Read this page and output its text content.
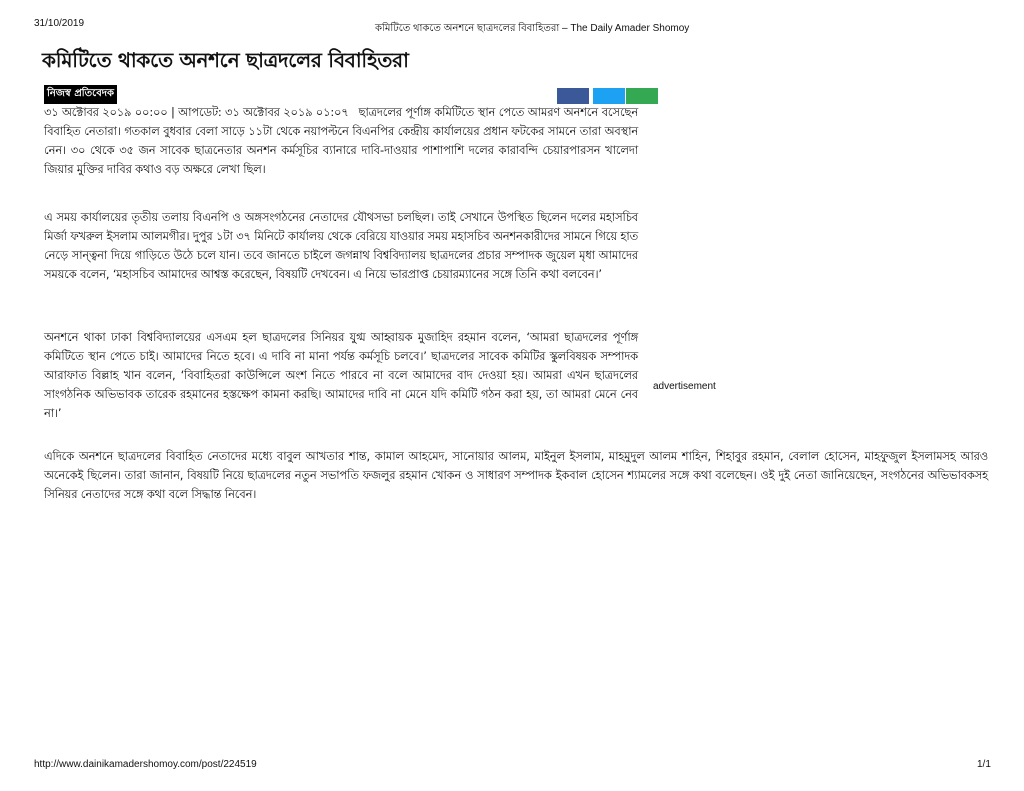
31/10/2019	কমিটিতে থাকতে অনশনে ছাত্রদলের বিবাহিতরা – The Daily Amader Shomoy
কমিটিতে থাকতে অনশনে ছাত্রদলের বিবাহিতরা
নিজস্ব প্রতিবেদক
৩১ অক্টোবর ২০১৯ ০০:০০ | আপডেট: ৩১ অক্টোবর ২০১৯ ০১:০৭ ছাত্রদলের পূর্ণাঙ্গ কমিটিতে স্থান পেতে আমরণ অনশনে বসেছেন বিবাহিত নেতারা। গতকাল বুধবার বেলা সাড়ে ১১টা থেকে নয়াপল্টনে বিএনপির কেন্দ্রীয় কার্যালয়ের প্রধান ফটকের সামনে তারা অবস্থান নেন। ৩০ থেকে ৩৫ জন সাবেক ছাত্রনেতার অনশন কর্মসূচির ব্যানারে দাবি-দাওয়ার পাশাপাশি দলের কারাবন্দি চেয়ারপারসন খালেদা জিয়ার মুক্তির দাবির কথাও বড় অক্ষরে লেখা ছিল।
এ সময় কার্যালয়ের তৃতীয় তলায় বিএনপি ও অঙ্গসংগঠনের নেতাদের যৌথসভা চলছিল। তাই সেখানে উপস্থিত ছিলেন দলের মহাসচিব মির্জা ফখরুল ইসলাম আলমগীর। দুপুর ১টা ৩৭ মিনিটে কার্যালয় থেকে বেরিয়ে যাওয়ার সময় মহাসচিব অনশনকারীদের সামনে গিয়ে হাত নেড়ে সান্ত্বনা দিয়ে গাড়িতে উঠে চলে যান। তবে জানতে চাইলে জগন্নাথ বিশ্ববিদ্যালয় ছাত্রদলের প্রচার সম্পাদক জুয়েল মৃধা আমাদের সময়কে বলেন, ‘মহাসচিব আমাদের আশ্বস্ত করেছেন, বিষয়টি দেখবেন। এ নিয়ে ভারপ্রাপ্ত চেয়ারম্যানের সঙ্গে তিনি কথা বলবেন।’
অনশনে থাকা ঢাকা বিশ্ববিদ্যালয়ের এসএম হল ছাত্রদলের সিনিয়র যুগ্ম আহ্বায়ক মুজাহিদ রহমান বলেন, ‘আমরা ছাত্রদলের পূর্ণাঙ্গ কমিটিতে স্থান পেতে চাই। আমাদের নিতে হবে। এ দাবি না মানা পর্যন্ত কর্মসূচি চলবে।’ ছাত্রদলের সাবেক কমিটির স্কুলবিষয়ক সম্পাদক আরাফাত বিল্লাহ খান বলেন, ‘বিবাহিতরা কাউন্সিলে অংশ নিতে পারবে না বলে আমাদের বাদ দেওয়া হয়। আমরা এখন ছাত্রদলের সাংগঠনিক অভিভাবক তারেক রহমানের হস্তক্ষেপ কামনা করছি। আমাদের দাবি না মেনে যদি কমিটি গঠন করা হয়, তা আমরা মেনে নেব না।’
advertisement
এদিকে অনশনে ছাত্রদলের বিবাহিত নেতাদের মধ্যে বাবুল আখতার শান্ত, কামাল আহমেদ, সানোয়ার আলম, মাইনুল ইসলাম, মাহমুদুল আলম শাহিন, শিহাবুর রহমান, বেলাল হোসেন, মাহফুজুল ইসলামসহ আরও অনেকেই ছিলেন। তারা জানান, বিষয়টি নিয়ে ছাত্রদলের নতুন সভাপতি ফজলুর রহমান খোকন ও সাধারণ সম্পাদক ইকবাল হোসেন শ্যামলের সঙ্গে কথা বলেছেন। ওই দুই নেতা জানিয়েছেন, সংগঠনের অভিভাবকসহ সিনিয়র নেতাদের সঙ্গে কথা বলে সিদ্ধান্ত নিবেন।
http://www.dainikamadershomoy.com/post/224519	1/1
